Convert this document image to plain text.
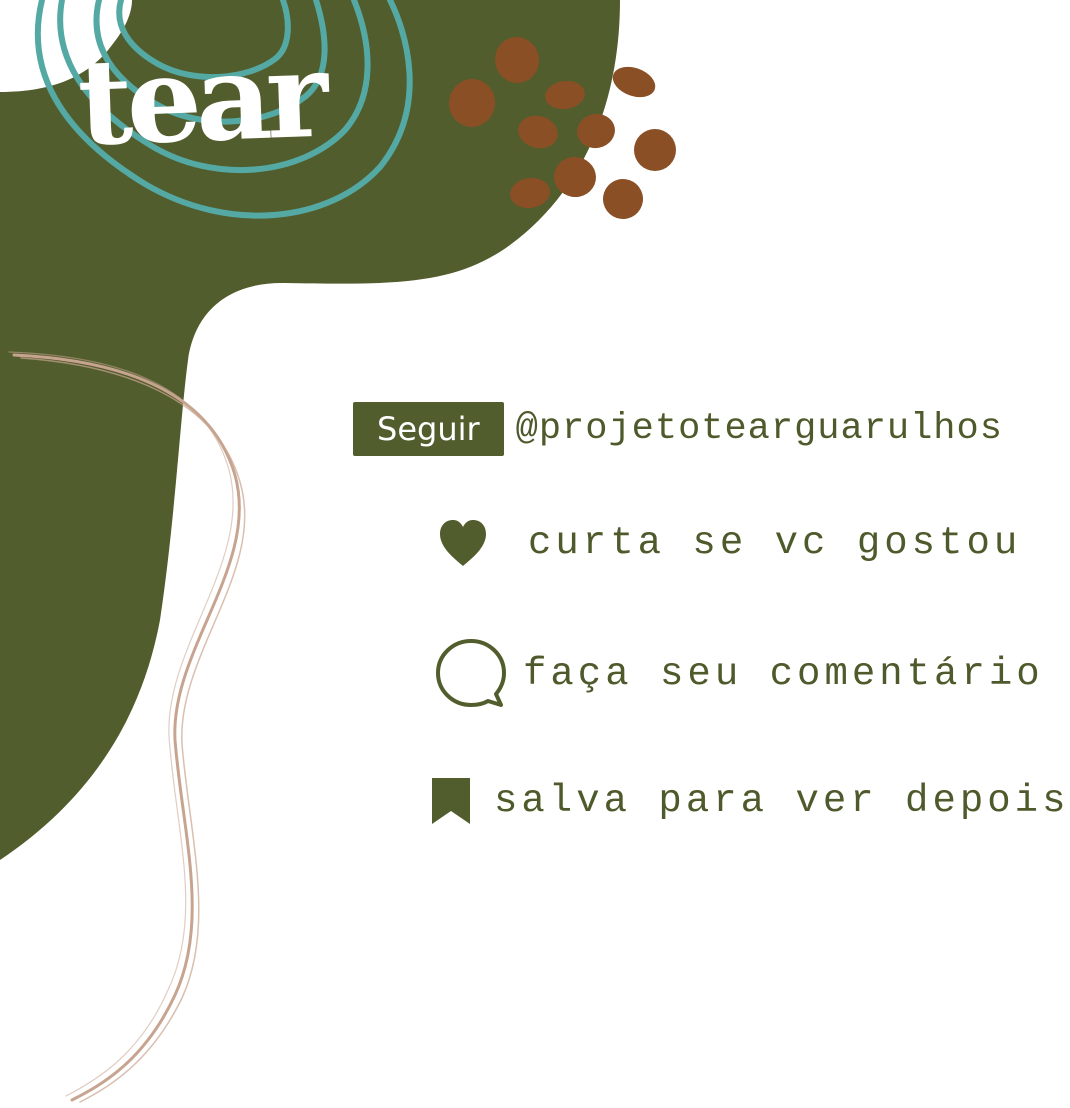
tear
Seguir @projetotearguarulhos
curta se vc gostou
faça seu comentário
salva para ver depois
